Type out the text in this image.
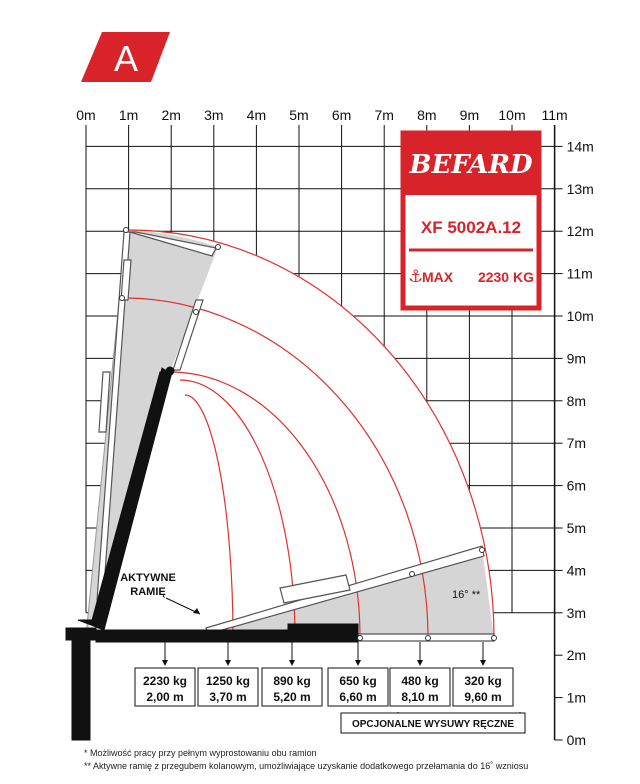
A
0m 1m 2m 3m 4m 5m 6m 7m 8m 9m 10m 11m
0m
1m
2m
3m
4m
5m
6m
7m
8m
9m
10m
11m
12m
13m
14m
0°*
16° **
AKTYWNE
RAMIĘ
BEFARD
XF 5002A.12
⚓
MAX 2230 KG
2230 kg
2,00 m
1250 kg
3,70 m
890 kg
5,20 m
650 kg
6,60 m
480 kg
8,10 m
320 kg
9,60 m
OPCJONALNE WYSUWY RĘCZNE
* Możliwość pracy przy pełnym wyprostowaniu obu ramion
** Aktywne ramię z przegubem kolanowym, umożliwiające uzyskanie dodatkowego przełamania do 16˚ wzniosu
